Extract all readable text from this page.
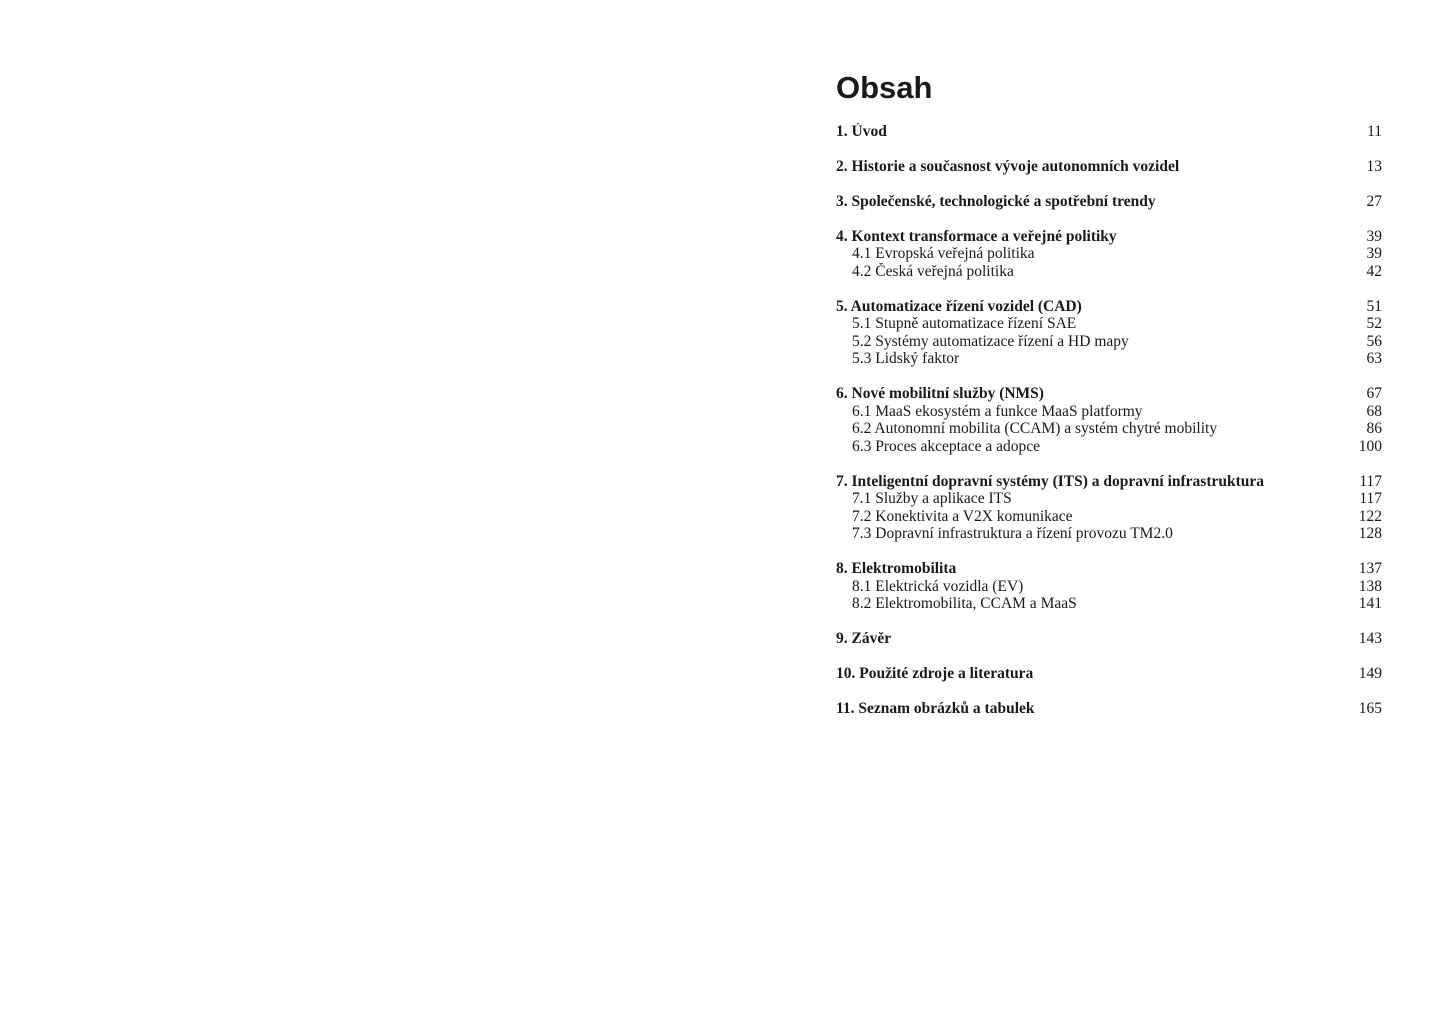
Obsah
1. Úvod	11
2. Historie a současnost vývoje autonomních vozidel	13
3. Společenské, technologické a spotřební trendy	27
4. Kontext transformace a veřejné politiky	39
4.1 Evropská veřejná politika	39
4.2 Česká veřejná politika	42
5. Automatizace řízení vozidel (CAD)	51
5.1 Stupně automatizace řízení SAE	52
5.2 Systémy automatizace řízení a HD mapy	56
5.3 Lidský faktor	63
6. Nové mobilitní služby (NMS)	67
6.1 MaaS ekosystém a funkce MaaS platformy	68
6.2 Autonomní mobilita (CCAM) a systém chytré mobility	86
6.3 Proces akceptace a adopce	100
7. Inteligentní dopravní systémy (ITS) a dopravní infrastruktura	117
7.1 Služby a aplikace ITS	117
7.2 Konektivita a V2X komunikace	122
7.3 Dopravní infrastruktura a řízení provozu TM2.0	128
8. Elektromobilita	137
8.1 Elektrická vozidla (EV)	138
8.2 Elektromobilita, CCAM a MaaS	141
9. Závěr	143
10. Použité zdroje a literatura	149
11. Seznam obrázků a tabulek	165
